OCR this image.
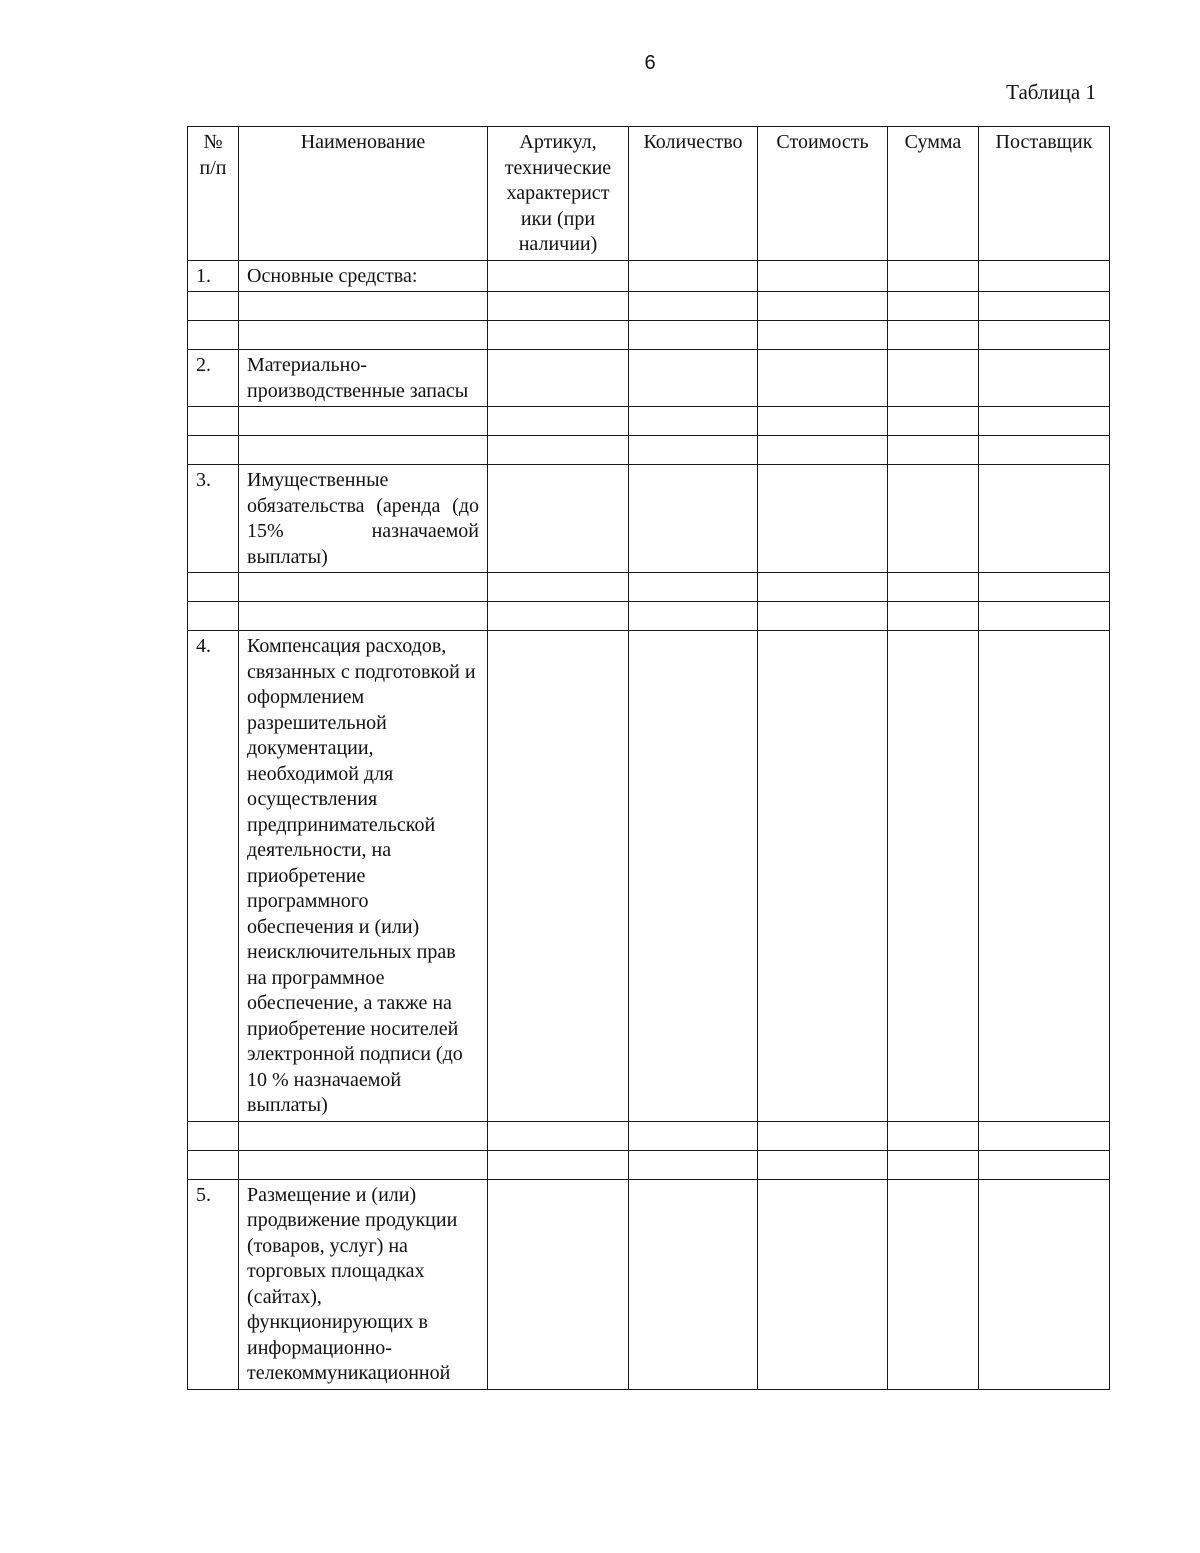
6
Таблица 1
№ п/п	Наименование	Артикул, технические характерист ики (при наличии)	Количество	Стоимость	Сумма	Поставщик
1.	Основные средства:					

2.	Материально-производственные запасы					

3.	Имущественные обязательства (аренда (до 15% назначаемой выплаты)					

4.	Компенсация расходов, связанных с подготовкой и оформлением разрешительной документации, необходимой для осуществления предпринимательской деятельности, на приобретение программного обеспечения и (или) неисключительных прав на программное обеспечение, а также на приобретение носителей электронной подписи (до 10 % назначаемой выплаты)					

5.	Размещение и (или) продвижение продукции (товаров, услуг) на торговых площадках (сайтах), функционирующих в информационно-телекоммуникационной					
